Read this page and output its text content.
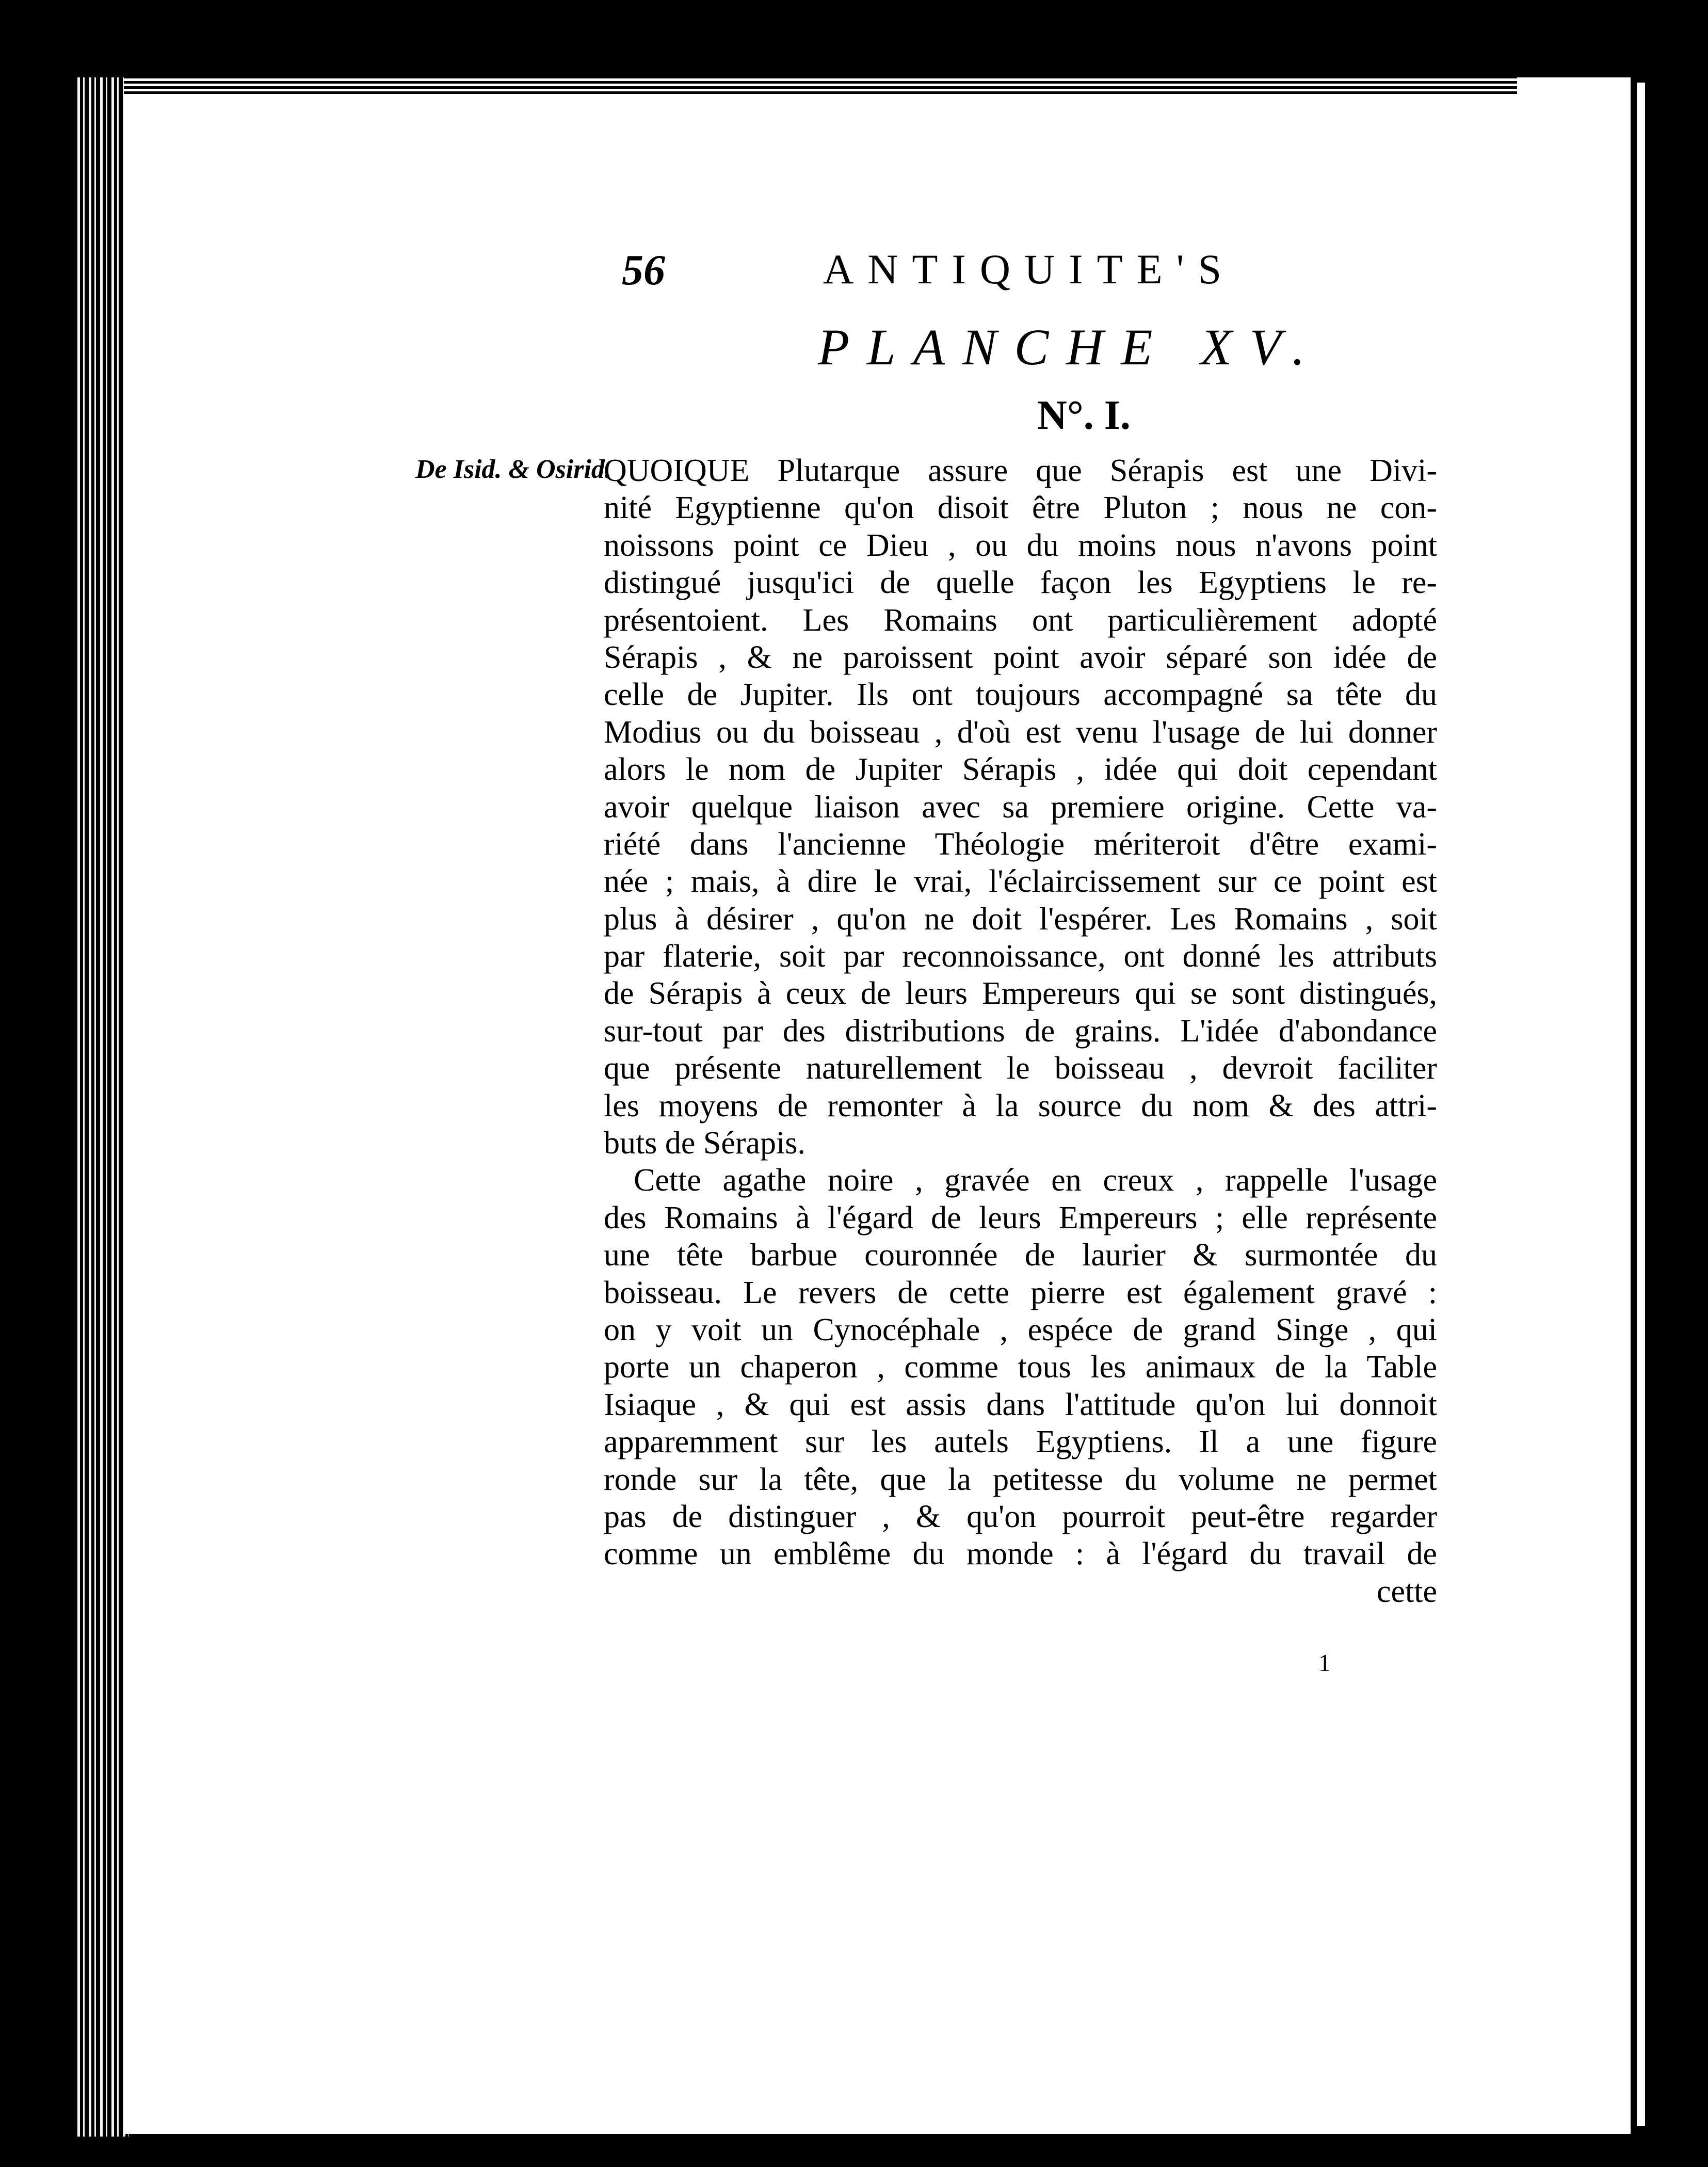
56	ANTIQUITE'S
PLANCHE XV.
N°. I.
De Isid. & Osirid.
QUOIQUE Plutarque assure que Sérapis est une Divi-
nité Egyptienne qu'on disoit être Pluton ; nous ne con-
noissons point ce Dieu , ou du moins nous n'avons point
distingué jusqu'ici de quelle façon les Egyptiens le re-
présentoient. Les Romains ont particulièrement adopté
Sérapis , & ne paroissent point avoir séparé son idée de
celle de Jupiter. Ils ont toujours accompagné sa tête du
Modius ou du boisseau , d'où est venu l'usage de lui donner
alors le nom de Jupiter Sérapis , idée qui doit cependant
avoir quelque liaison avec sa premiere origine. Cette va-
riété dans l'ancienne Théologie mériteroit d'être exami-
née ; mais, à dire le vrai, l'éclaircissement sur ce point est
plus à désirer , qu'on ne doit l'espérer. Les Romains , soit
par flaterie, soit par reconnoissance, ont donné les attributs
de Sérapis à ceux de leurs Empereurs qui se sont distingués,
sur-tout par des distributions de grains. L'idée d'abondance
que présente naturellement le boisseau , devroit faciliter
les moyens de remonter à la source du nom & des attri-
buts de Sérapis.
Cette agathe noire , gravée en creux , rappelle l'usage
des Romains à l'égard de leurs Empereurs ; elle représente
une tête barbue couronnée de laurier & surmontée du
boisseau. Le revers de cette pierre est également gravé :
on y voit un Cynocéphale , espéce de grand Singe , qui
porte un chaperon , comme tous les animaux de la Table
Isiaque , & qui est assis dans l'attitude qu'on lui donnoit
apparemment sur les autels Egyptiens. Il a une figure
ronde sur la tête, que la petitesse du volume ne permet
pas de distinguer , & qu'on pourroit peut-être regarder
comme un emblême du monde : à l'égard du travail de
cette
1
